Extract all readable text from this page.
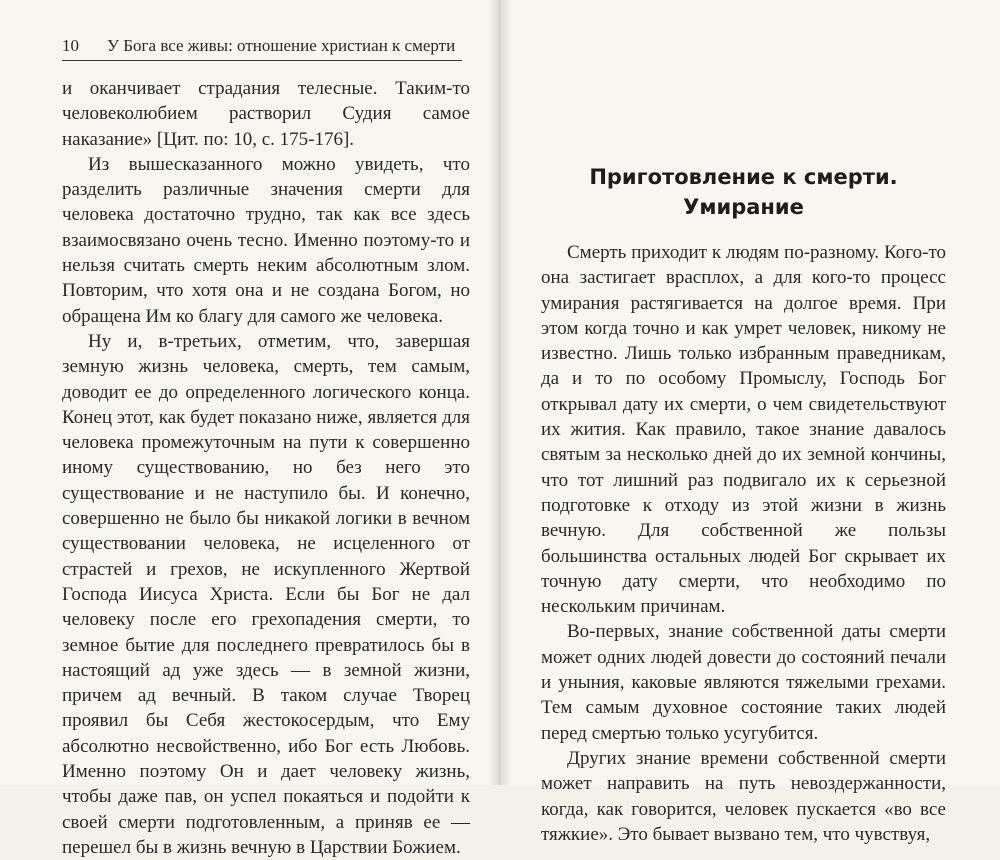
10 У Бога все живы: отношение христиан к смерти

и оканчивает страдания телесные. Таким-то человеколюбием растворил Судия самое наказание» [Цит. по: 10, с. 175-176].

Из вышесказанного можно увидеть, что разделить различные значения смерти для человека достаточно трудно, так как все здесь взаимосвязано очень тесно. Именно поэтому-то и нельзя считать смерть неким абсолютным злом. Повторим, что хотя она и не создана Богом, но обращена Им ко благу для самого же человека.

Ну и, в-третьих, отметим, что, завершая земную жизнь человека, смерть, тем самым, доводит ее до определенного логического конца. Конец этот, как будет показано ниже, является для человека промежуточным на пути к совершенно иному существованию, но без него это существование и не наступило бы. И конечно, совершенно не было бы никакой логики в вечном существовании человека, не исцеленного от страстей и грехов, не искупленного Жертвой Господа Иисуса Христа. Если бы Бог не дал человеку после его грехопадения смерти, то земное бытие для последнего превратилось бы в настоящий ад уже здесь — в земной жизни, причем ад вечный. В таком случае Творец проявил бы Себя жестокосердым, что Ему абсолютно несвойственно, ибо Бог есть Любовь. Именно поэтому Он и дает человеку жизнь, чтобы даже пав, он успел покаяться и подойти к своей смерти подготовленным, а приняв ее — перешел бы в жизнь вечную в Царствии Божием.

Приготовление к смерти.
Умирание

Смерть приходит к людям по-разному. Кого-то она застигает врасплох, а для кого-то процесс умирания растягивается на долгое время. При этом когда точно и как умрет человек, никому не известно. Лишь только избранным праведникам, да и то по особому Промыслу, Господь Бог открывал дату их смерти, о чем свидетельствуют их жития. Как правило, такое знание давалось святым за несколько дней до их земной кончины, что тот лишний раз подвигало их к серьезной подготовке к отходу из этой жизни в жизнь вечную. Для собственной же пользы большинства остальных людей Бог скрывает их точную дату смерти, что необходимо по нескольким причинам.

Во-первых, знание собственной даты смерти может одних людей довести до состояний печали и уныния, каковые являются тяжелыми грехами. Тем самым духовное состояние таких людей перед смертью только усугубится.

Других знание времени собственной смерти может направить на путь невоздержанности, когда, как говорится, человек пускается «во все тяжкие». Это бывает вызвано тем, что чувствуя,
